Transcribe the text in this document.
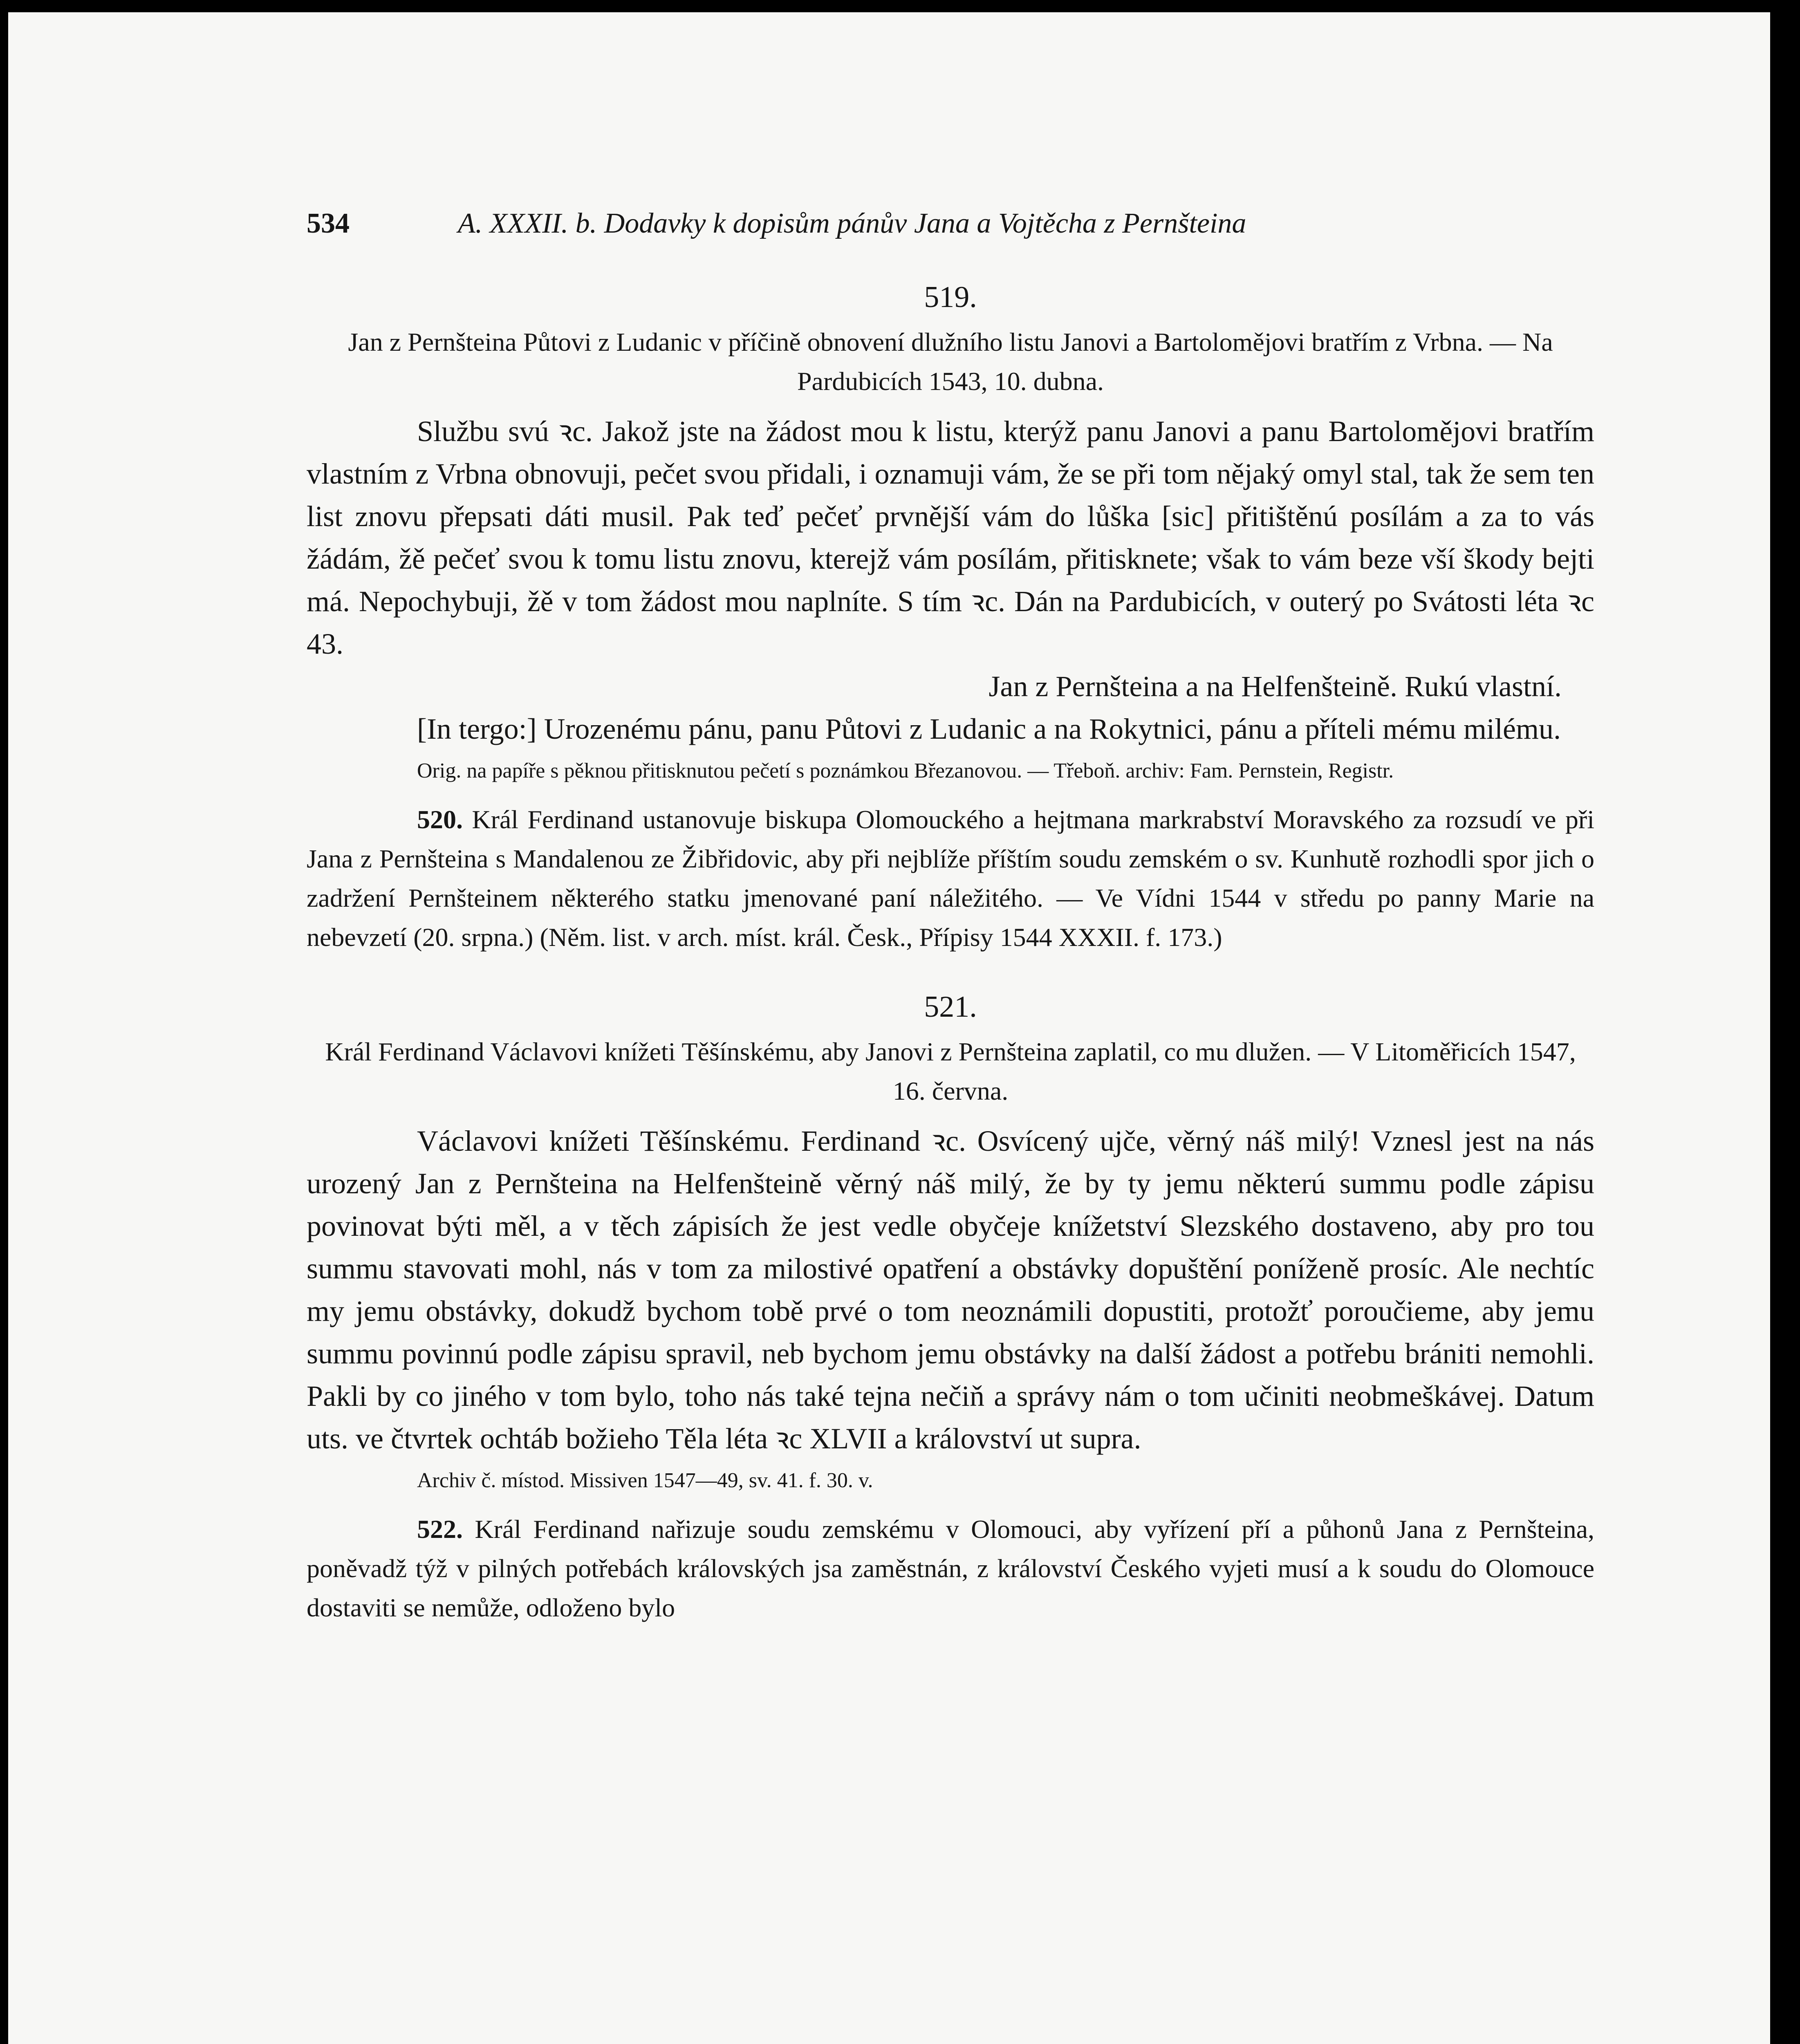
534	A. XXXII. b. Dodavky k dopisům pánův Jana a Vojtěcha z Pernšteina

519.

Jan z Pernšteina Půtovi z Ludanic v příčině obnovení dlužního listu Janovi a Bartolomějovi bratřím z Vrbna. — Na Pardubicích 1543, 10. dubna.

Službu svú ꝛc. Jakož jste na žádost mou k listu, kterýž panu Janovi a panu Bartolomějovi bratřím vlastním z Vrbna obnovuji, pečet svou přidali, i oznamuji vám, že se při tom nějaký omyl stal, tak že sem ten list znovu přepsati dáti musil. Pak teď pečeť prvnější vám do lůška [sic] přitištěnú posílám a za to vás žádám, žě pečeť svou k tomu listu znovu, kterejž vám posílám, přitisknete; však to vám beze vší škody bejti má. Nepochybuji, žě v tom žádost mou naplníte. S tím ꝛc. Dán na Pardubicích, v outerý po Svátosti léta ꝛc 43.

Jan z Pernšteina a na Helfenšteině. Rukú vlastní.

[In tergo:] Urozenému pánu, panu Půtovi z Ludanic a na Rokytnici, pánu a příteli mému milému.

Orig. na papíře s pěknou přitisknutou pečetí s poznámkou Březanovou. — Třeboň. archiv: Fam. Pernstein, Registr.

520. Král Ferdinand ustanovuje biskupa Olomouckého a hejtmana markrabství Moravského za rozsudí ve při Jana z Pernšteina s Mandalenou ze Žibřidovic, aby při nejblíže příštím soudu zemském o sv. Kunhutě rozhodli spor jich o zadržení Pernšteinem některého statku jmenované paní náležitého. — Ve Vídni 1544 v středu po panny Marie na nebevzetí (20. srpna.) (Něm. list. v arch. míst. král. Česk., Přípisy 1544 XXXII. f. 173.)

521.

Král Ferdinand Václavovi knížeti Těšínskému, aby Janovi z Pernšteina zaplatil, co mu dlužen. — V Litoměřicích 1547, 16. června.

Václavovi knížeti Těšínskému. Ferdinand ꝛc. Osvícený ujče, věrný náš milý! Vznesl jest na nás urozený Jan z Pernšteina na Helfenšteině věrný náš milý, že by ty jemu některú summu podle zápisu povinovat býti měl, a v těch zápisích že jest vedle obyčeje knížetství Slezského dostaveno, aby pro tou summu stavovati mohl, nás v tom za milostivé opatření a obstávky dopuštění poníženě prosíc. Ale nechtíc my jemu obstávky, dokudž bychom tobě prvé o tom neoznámili dopustiti, protožť poroučieme, aby jemu summu povinnú podle zápisu spravil, neb bychom jemu obstávky na další žádost a potřebu brániti nemohli. Pakli by co jiného v tom bylo, toho nás také tejna nečiň a správy nám o tom učiniti neobmeškávej. Datum uts. ve čtvrtek ochtáb božieho Těla léta ꝛc XLVII a království ut supra.

Archiv č. místod. Missiven 1547—49, sv. 41. f. 30. v.

522. Král Ferdinand nařizuje soudu zemskému v Olomouci, aby vyřízení pří a půhonů Jana z Pernšteina, poněvadž týž v pilných potřebách královských jsa zaměstnán, z království Českého vyjeti musí a k soudu do Olomouce dostaviti se nemůže, odloženo bylo
